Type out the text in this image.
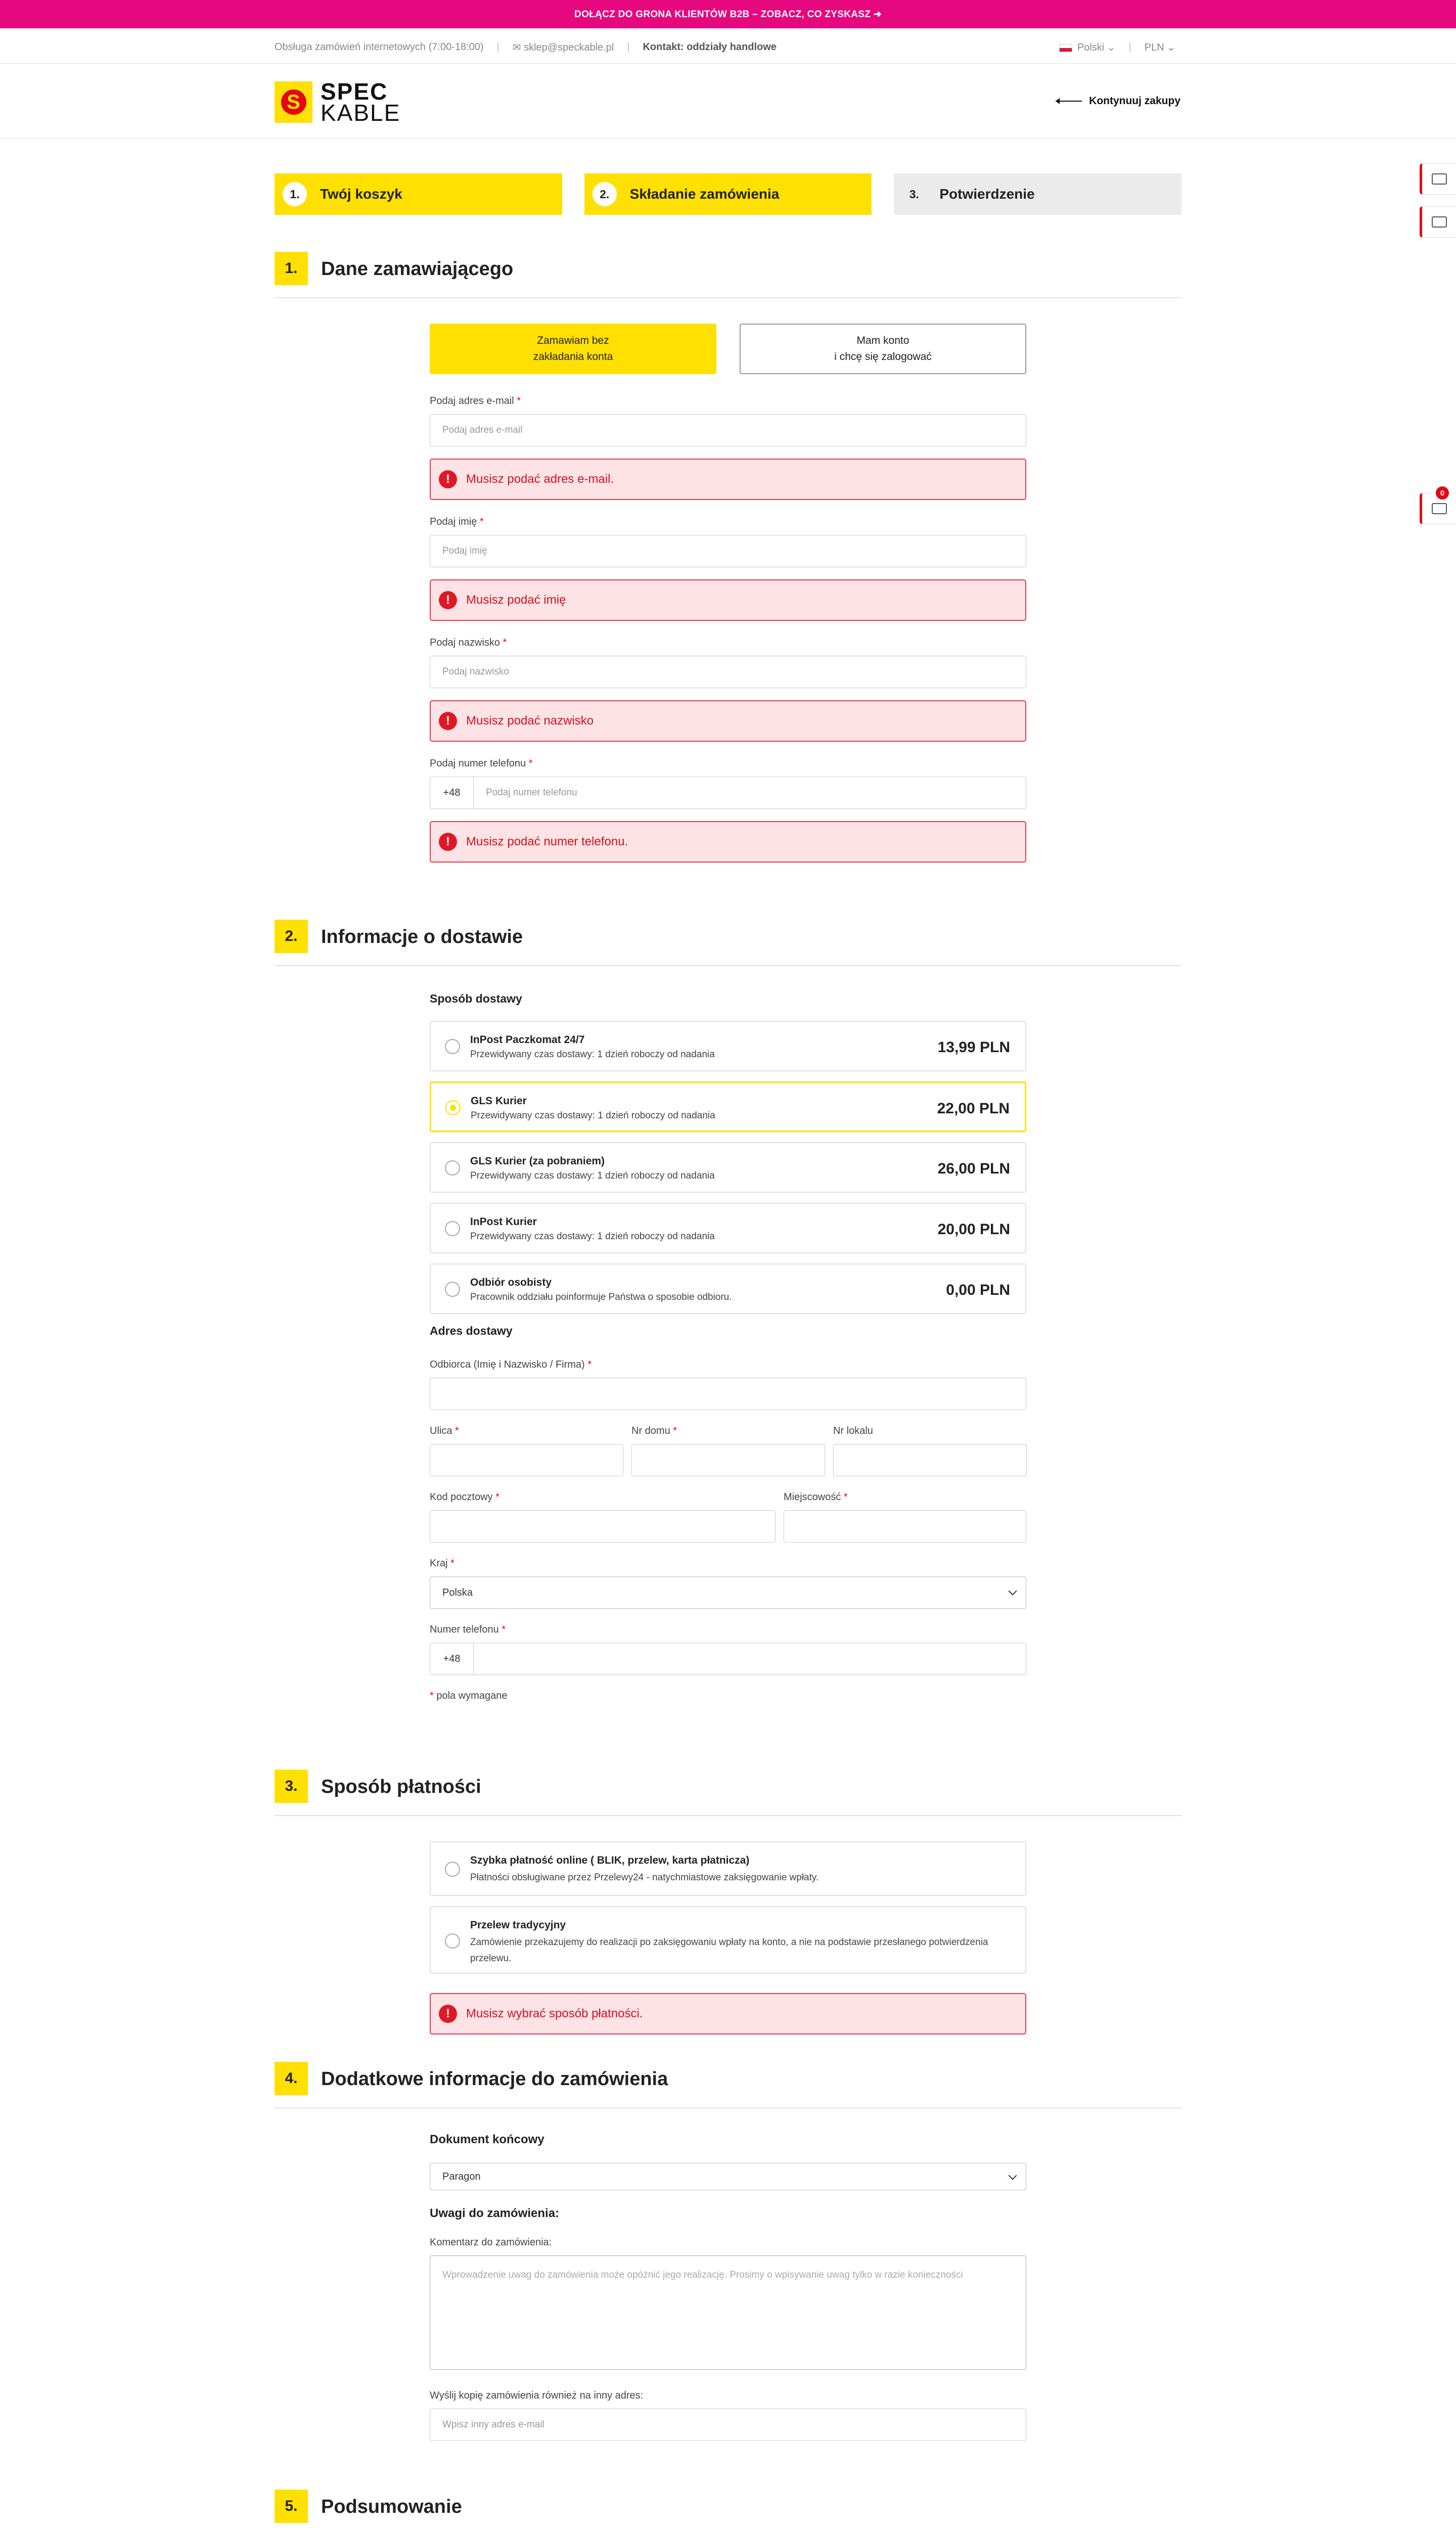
DOŁĄCZ DO GRONA KLIENTÓW B2B – ZOBACZ, CO ZYSKASZ ➜
Obsługa zamówień internetowych (7:00-18:00) | ✉ sklep@speckable.pl | Kontakt: oddziały handlowe	Polski ⌄ | PLN ⌄
S SPEC
KABLE	Kontynuuj zakupy
1.	Twój koszyk	2.	Składanie zamówienia	3.	Potwierdzenie
0
1.	Dane zamawiającego
Zamawiam bez
zakładania konta
Mam konto
i chcę się zalogować
Podaj adres e-mail *
Podaj adres e-mail
!	Musisz podać adres e-mail.
Podaj imię *
Podaj imię
!	Musisz podać imię
Podaj nazwisko *
Podaj nazwisko
!	Musisz podać nazwisko
Podaj numer telefonu *
+48	Podaj numer telefonu
!	Musisz podać numer telefonu.
2.	Informacje o dostawie
Sposób dostawy
InPost Paczkomat 24/7
Przewidywany czas dostawy: 1 dzień roboczy od nadania	13,99 PLN
GLS Kurier
Przewidywany czas dostawy: 1 dzień roboczy od nadania	22,00 PLN
GLS Kurier (za pobraniem)
Przewidywany czas dostawy: 1 dzień roboczy od nadania	26,00 PLN
InPost Kurier
Przewidywany czas dostawy: 1 dzień roboczy od nadania	20,00 PLN
Odbiór osobisty
Pracownik oddziału poinformuje Państwa o sposobie odbioru.	0,00 PLN
Adres dostawy
Odbiorca (Imię i Nazwisko / Firma) *
Ulica *	Nr domu *	Nr lokalu
Kod pocztowy *	Miejscowość *
Kraj *
Polska
Numer telefonu *
+48
* pola wymagane
3.	Sposób płatności
Szybka płatność online ( BLIK, przelew, karta płatnicza)
Płatności obsługiwane przez Przelewy24 - natychmiastowe zaksięgowanie wpłaty.
Przelew tradycyjny
Zamówienie przekazujemy do realizacji po zaksięgowaniu wpłaty na konto, a nie na podstawie przesłanego potwierdzenia przelewu.
!	Musisz wybrać sposób płatności.
4.	Dodatkowe informacje do zamówienia
Dokument końcowy
Paragon
Uwagi do zamówienia:
Komentarz do zamówienia:
Wprowadzenie uwag do zamówienia może opóźnić jego realizację. Prosimy o wpisywanie uwag tylko w razie konieczności
Wyślij kopię zamówienia również na inny adres:
Wpisz inny adres e-mail
5.	Podsumowanie
